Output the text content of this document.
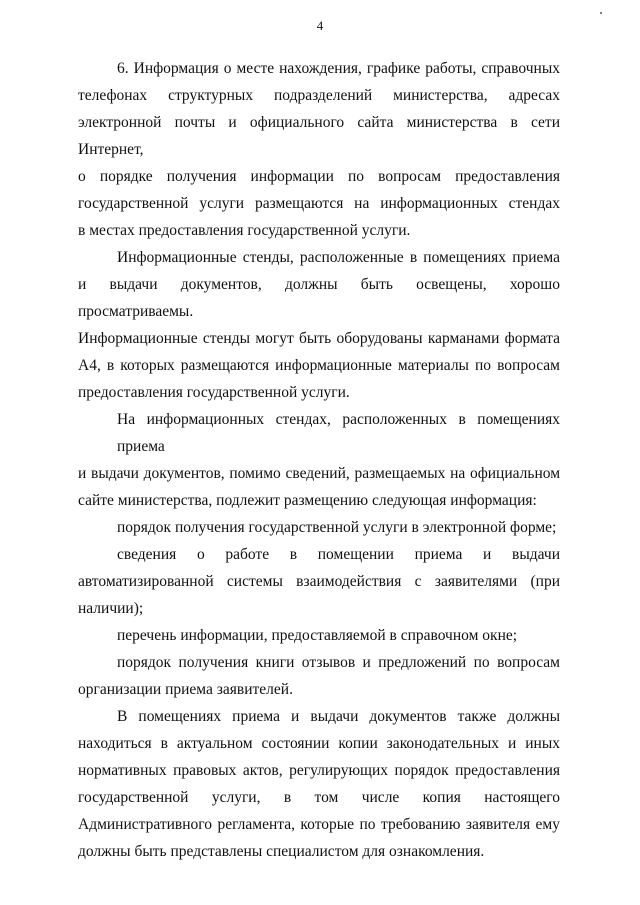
4

6. Информация о месте нахождения, графике работы, справочных
телефонах структурных подразделений министерства, адресах
электронной почты и официального сайта министерства в сети Интернет,
о порядке получения информации по вопросам предоставления
государственной услуги размещаются на информационных стендах
в местах предоставления государственной услуги.

Информационные стенды, расположенные в помещениях приема
и выдачи документов, должны быть освещены, хорошо просматриваемы.
Информационные стенды могут быть оборудованы карманами формата
А4, в которых размещаются информационные материалы по вопросам
предоставления государственной услуги.

На информационных стендах, расположенных в помещениях приема
и выдачи документов, помимо сведений, размещаемых на официальном
сайте министерства, подлежит размещению следующая информация:

порядок получения государственной услуги в электронной форме;

сведения о работе в помещении приема и выдачи
автоматизированной системы взаимодействия с заявителями (при
наличии);

перечень информации, предоставляемой в справочном окне;

порядок получения книги отзывов и предложений по вопросам
организации приема заявителей.

В помещениях приема и выдачи документов также должны
находиться в актуальном состоянии копии законодательных и иных
нормативных правовых актов, регулирующих порядок предоставления
государственной услуги, в том числе копия настоящего
Административного регламента, которые по требованию заявителя ему
должны быть представлены специалистом для ознакомления.
